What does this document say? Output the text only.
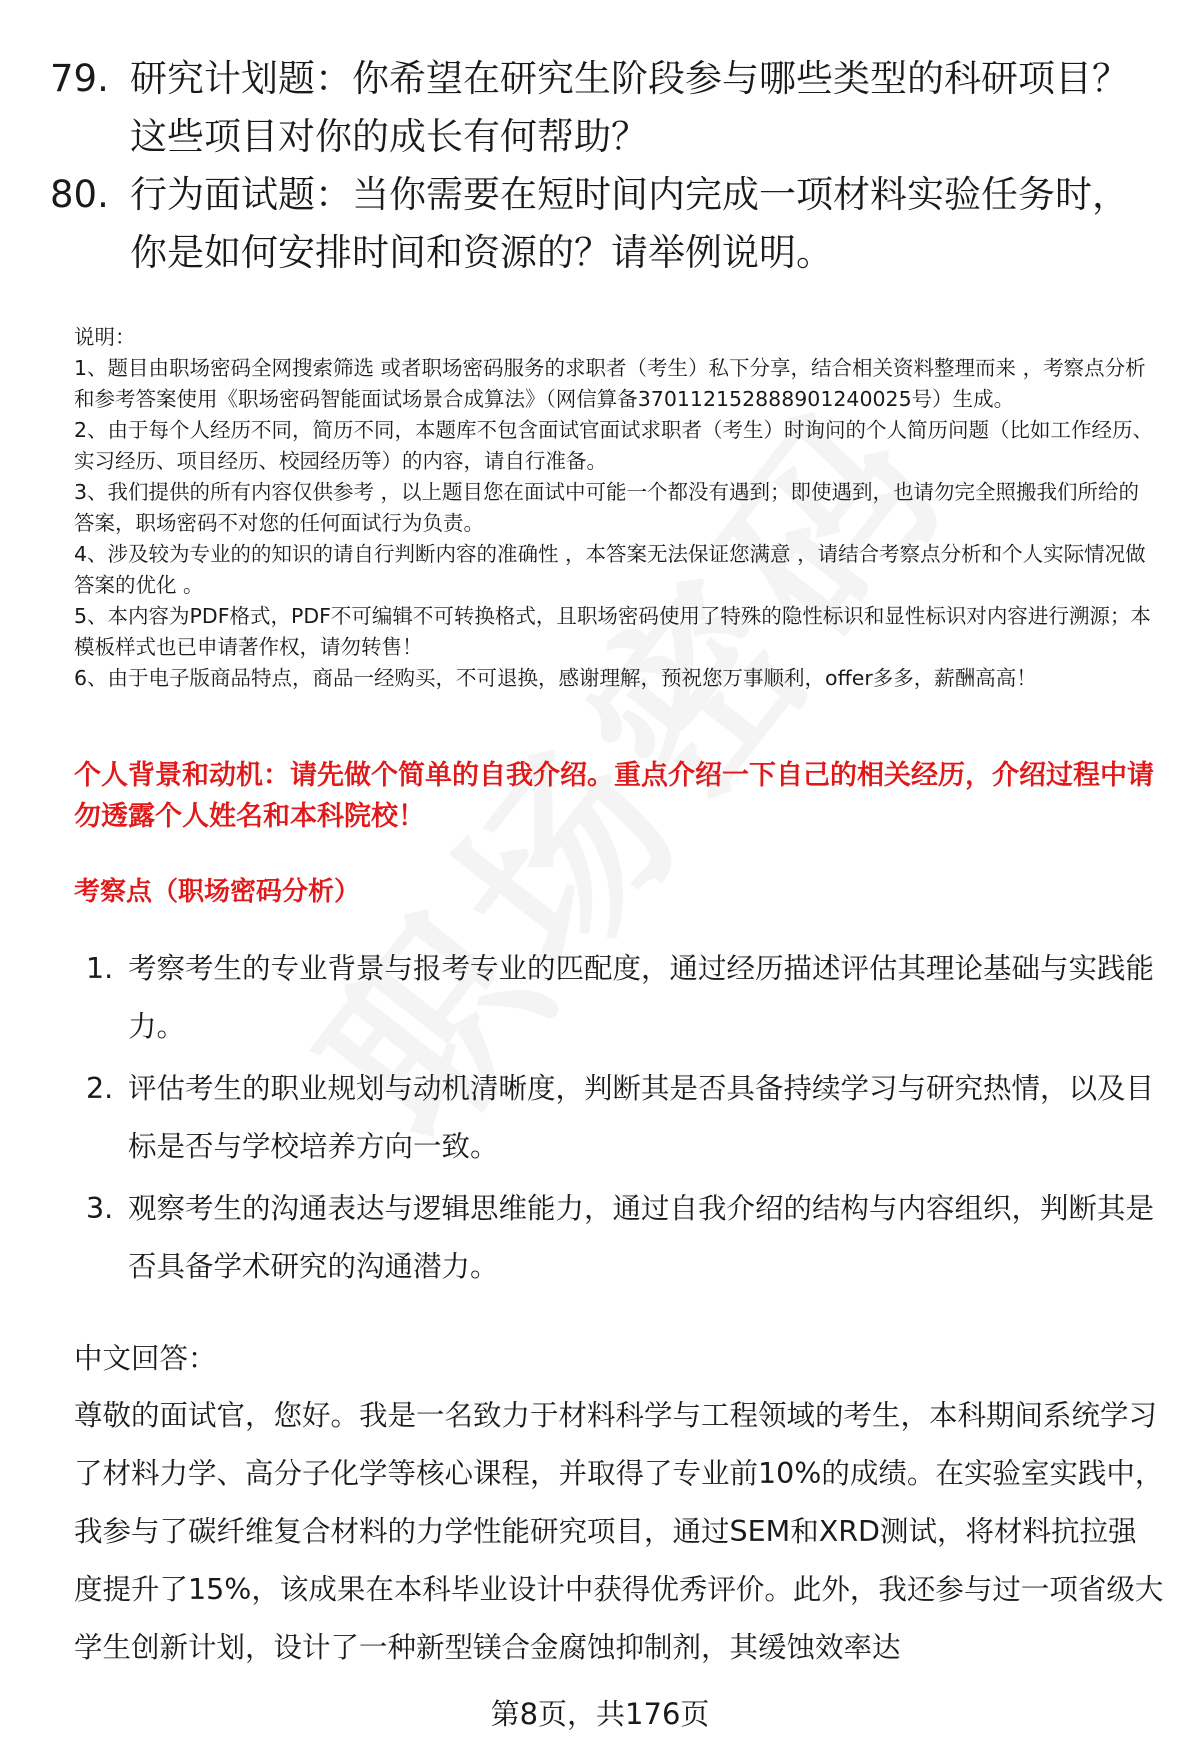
79. 研究计划题：你希望在研究生阶段参与哪些类型的科研项目？这些项目对你的成长有何帮助？
80. 行为面试题：当你需要在短时间内完成一项材料实验任务时，你是如何安排时间和资源的？请举例说明。

说明：

1、题目由职场密码全网搜索筛选 或者职场密码服务的求职者（考生）私下分享，结合相关资料整理而来 ，考察点分析和参考答案使用《职场密码智能面试场景合成算法》（网信算备370112152888901240025号）生成。

2、由于每个人经历不同，简历不同，本题库不包含面试官面试求职者（考生）时询问的个人简历问题（比如工作经历、实习经历、项目经历、校园经历等）的内容，请自行准备。

3、我们提供的所有内容仅供参考 ，以上题目您在面试中可能一个都没有遇到；即使遇到，也请勿完全照搬我们所给的答案，职场密码不对您的任何面试行为负责。

4、涉及较为专业的的知识的请自行判断内容的准确性 ，本答案无法保证您满意 ，请结合考察点分析和个人实际情况做答案的优化 。

5、本内容为PDF格式，PDF不可编辑不可转换格式，且职场密码使用了特殊的隐性标识和显性标识对内容进行溯源；本模板样式也已申请著作权，请勿转售！

6、由于电子版商品特点，商品一经购买，不可退换，感谢理解，预祝您万事顺利，offer多多，薪酬高高！

个人背景和动机：请先做个简单的自我介绍。重点介绍一下自己的相关经历，介绍过程中请勿透露个人姓名和本科院校！
考察点（职场密码分析）
1. 考察考生的专业背景与报考专业的匹配度，通过经历描述评估其理论基础与实践能力。
2. 评估考生的职业规划与动机清晰度，判断其是否具备持续学习与研究热情，以及目标是否与学校培养方向一致。
3. 观察考生的沟通表达与逻辑思维能力，通过自我介绍的结构与内容组织，判断其是否具备学术研究的沟通潜力。
中文回答：
尊敬的面试官，您好。我是一名致力于材料科学与工程领域的考生，本科期间系统学习了材料力学、高分子化学等核心课程，并取得了专业前10%的成绩。在实验室实践中，我参与了碳纤维复合材料的力学性能研究项目，通过SEM和XRD测试，将材料抗拉强度提升了15%，该成果在本科毕业设计中获得优秀评价。此外，我还参与过一项省级大学生创新计划，设计了一种新型镁合金腐蚀抑制剂，其缓蚀效率达
第8页，共176页
